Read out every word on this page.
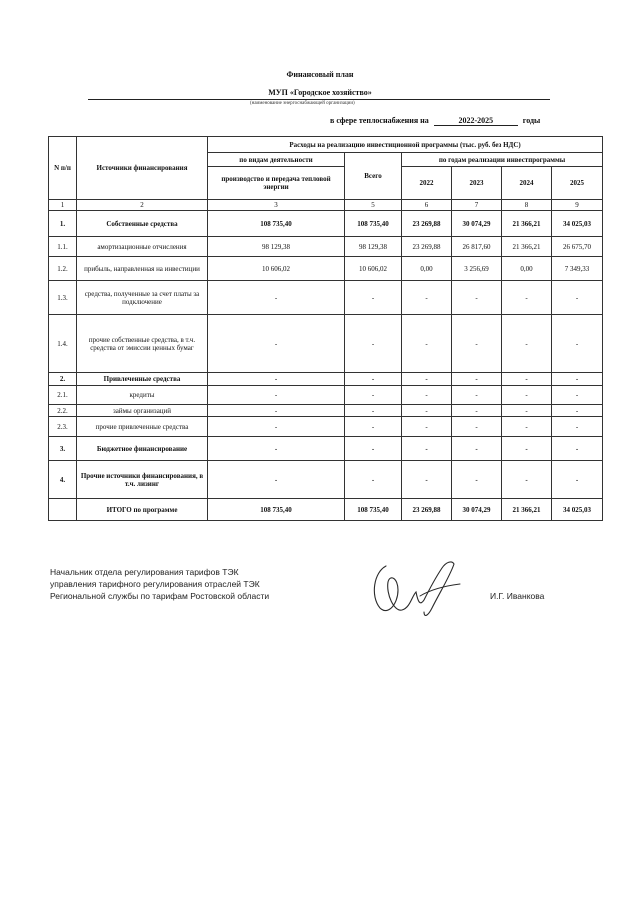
Финансовый план
МУП «Городское хозяйство»
(наименование энергоснабжающей организации)
в сфере теплоснабжения на	2022-2025	годы
N п/п	Источники финансирования	Расходы на реализацию инвестиционной программы (тыс. руб. без НДС)					
		по видам деятельности	Всего	по годам реализации инвестпрограммы			
		производство и передача тепловой энергии		2022	2023	2024	2025
1	2	3	5	6	7	8	9
1.	Собственные средства	108 735,40	108 735,40	23 269,88	30 074,29	21 366,21	34 025,03
1.1.	амортизационные отчисления	98 129,38	98 129,38	23 269,88	26 817,60	21 366,21	26 675,70
1.2.	прибыль, направленная на инвестиции	10 606,02	10 606,02	0,00	3 256,69	0,00	7 349,33
1.3.	средства, полученные за счет платы за подключение	-	-	-	-	-	-
1.4.	прочие собственные средства, в т.ч. средства от эмиссии ценных бумаг	-	-	-	-	-	-
2.	Привлеченные средства	-	-	-	-	-	-
2.1.	кредиты	-	-	-	-	-	-
2.2.	займы организаций	-	-	-	-	-	-
2.3.	прочие привлеченные средства	-	-	-	-	-	-
3.	Бюджетное финансирование	-	-	-	-	-	-
4.	Прочие источники финансирования, в т.ч. лизинг	-	-	-	-	-	-
	ИТОГО по программе	108 735,40	108 735,40	23 269,88	30 074,29	21 366,21	34 025,03
Начальник отдела регулирования тарифов ТЭК
управления тарифного регулирования отраслей ТЭК
Региональной службы по тарифам Ростовской области	И.Г. Иванкова
